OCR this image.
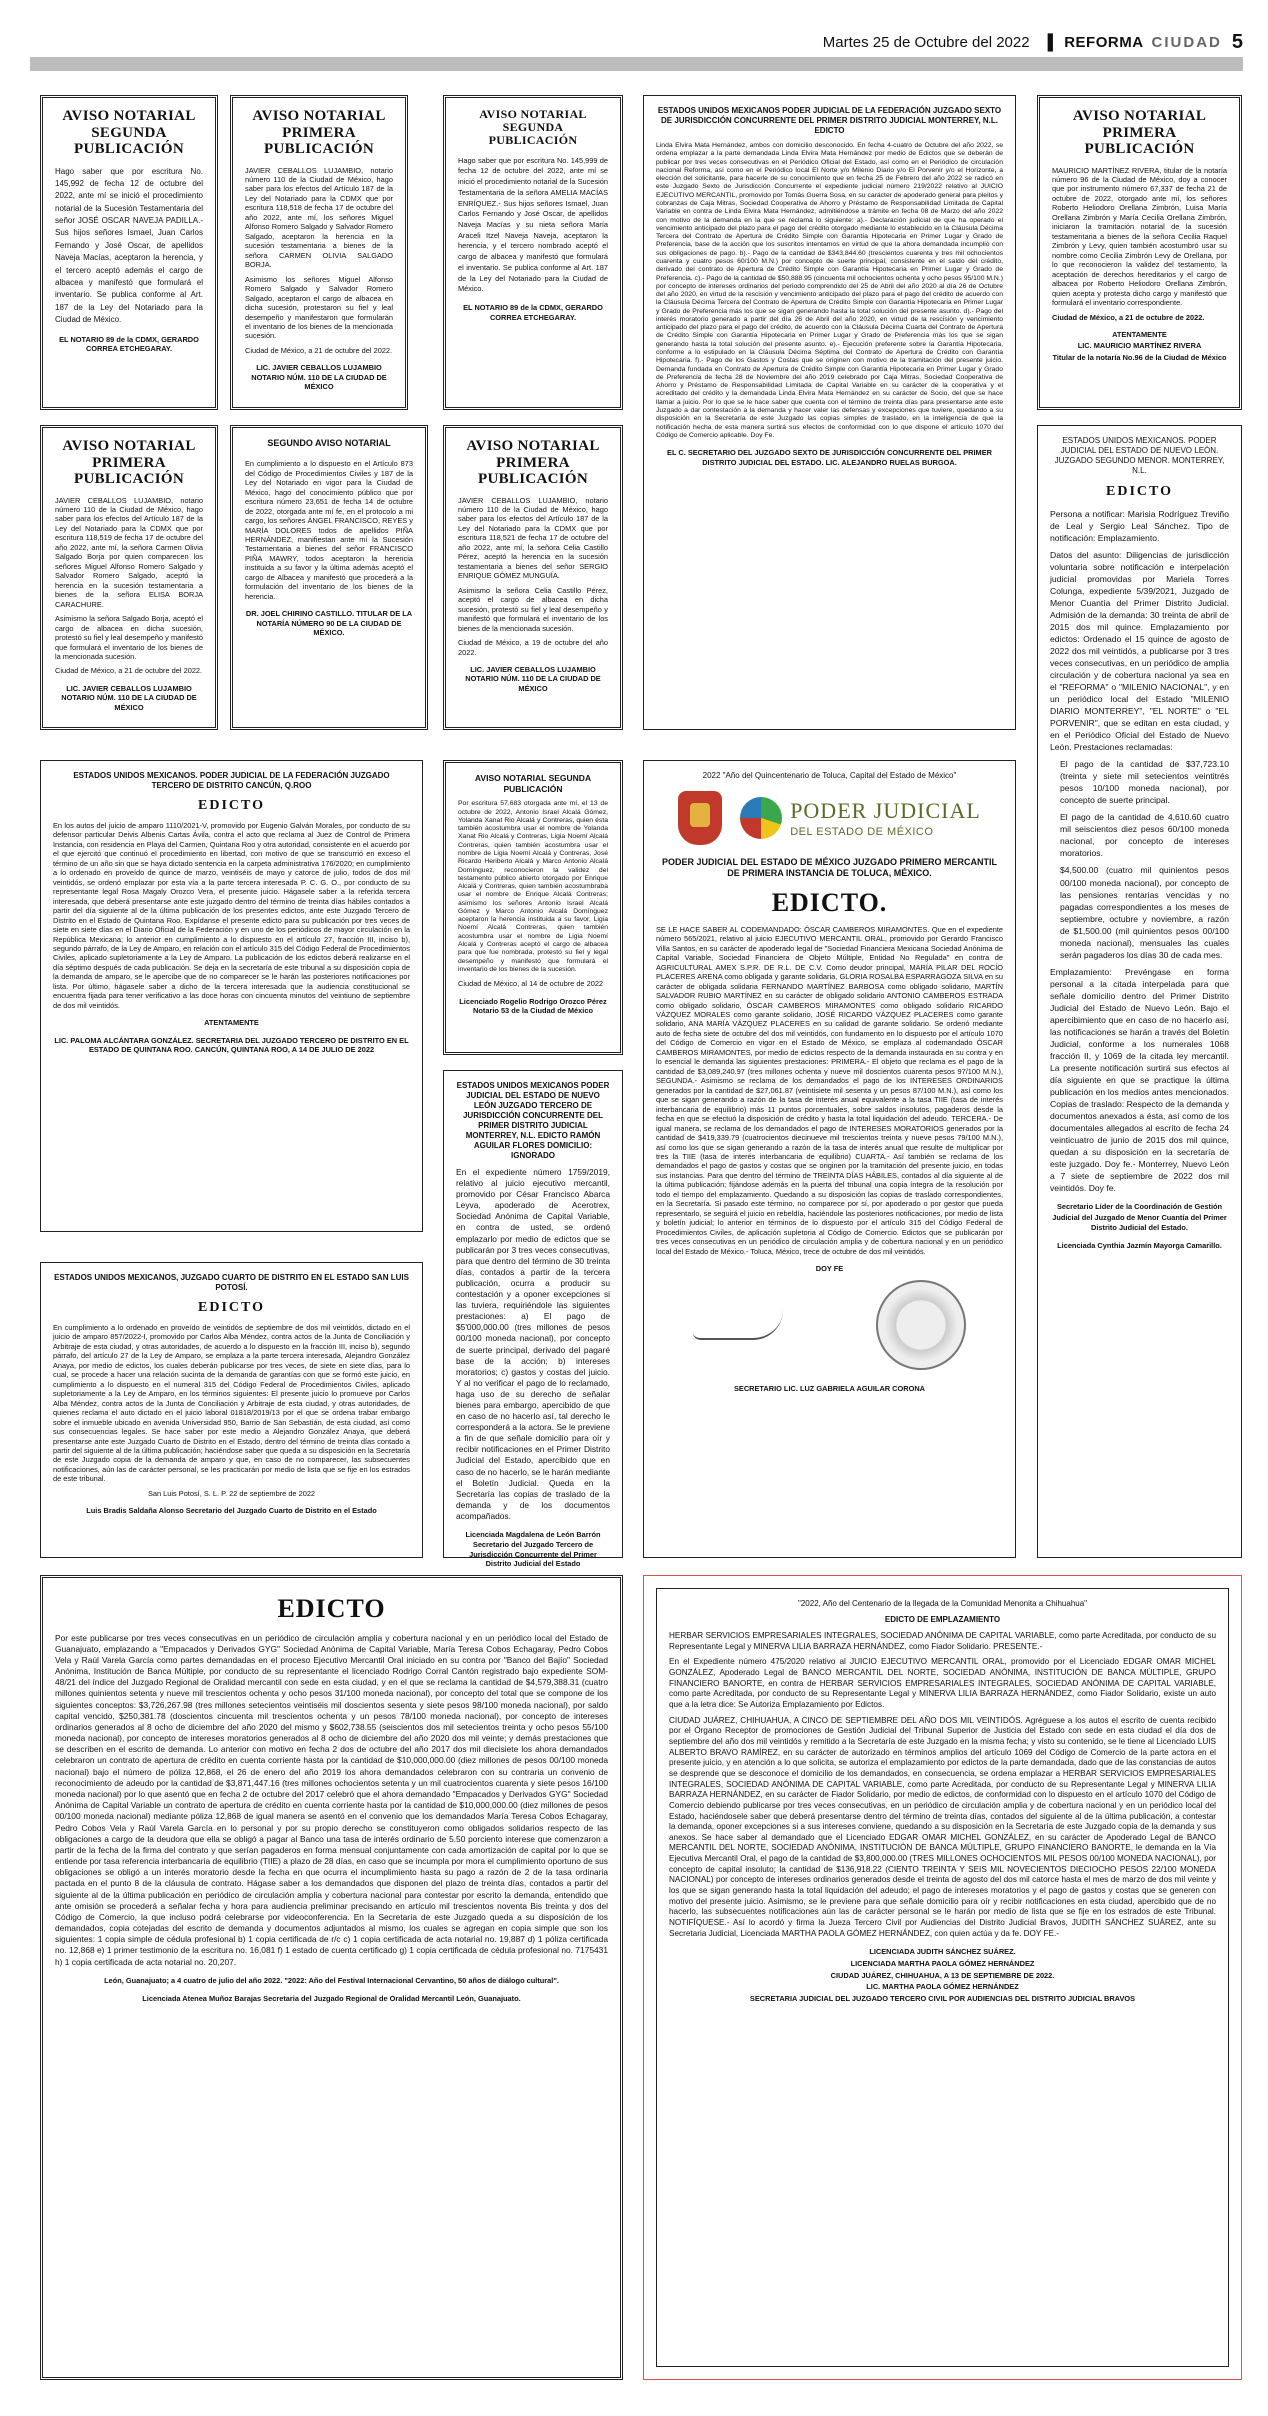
Martes 25 de Octubre del 2022 ▌ REFORMA CIUDAD 5
AVISO NOTARIAL SEGUNDA PUBLICACIÓN

Hago saber que por escritura No. 145,992 de fecha 12 de octubre del 2022, ante mí se inició el procedimiento notarial de la Sucesión Testamentaria del señor JOSÉ OSCAR NAVEJA PADILLA.- Sus hijos señores Ismael, Juan Carlos Fernando y José Oscar, de apellidos Naveja Macías, aceptaron la herencia, y el tercero aceptó además el cargo de albacea y manifestó que formulará el inventario. Se publica conforme al Art. 187 de la Ley del Notariado para la Ciudad de México.

EL NOTARIO 89 de la CDMX, GERARDO CORREA ETCHEGARAY.
AVISO NOTARIAL PRIMERA PUBLICACIÓN

JAVIER CEBALLOS LUJAMBIO, notario número 110 de la Ciudad de México, hago saber para los efectos del Artículo 187 de la Ley del Notariado para la CDMX que por escritura 118,518 de fecha 17 de octubre del año 2022, ante mí, los señores Miguel Alfonso Romero Salgado y Salvador Romero Salgado, aceptaron la herencia en la sucesión testamentaria a bienes de la señora CARMEN OLIVIA SALGADO BORJA.

Asimismo los señores Miguel Alfonso Romero Salgado y Salvador Romero Salgado, aceptaron el cargo de albacea en dicha sucesión, protestaron su fiel y leal desempeño y manifestaron que formularán el inventario de los bienes de la mencionada sucesión.

Ciudad de México, a 21 de octubre del 2022.

LIC. JAVIER CEBALLOS LUJAMBIO NOTARIO NÚM. 110 DE LA CIUDAD DE MÉXICO
AVISO NOTARIAL SEGUNDA PUBLICACIÓN

Hago saber que por escritura No. 145,999 de fecha 12 de octubre del 2022, ante mí se inició el procedimiento notarial de la Sucesión Testamentaria de la señora AMELIA MACÍAS ENRÍQUEZ.- Sus hijos señores Ismael, Juan Carlos Fernando y José Oscar, de apellidos Naveja Macías y su nieta señora María Araceli Itzel Naveja Naveja, aceptaron la herencia, y el tercero nombrado aceptó el cargo de albacea y manifestó que formulará el inventario. Se publica conforme al Art. 187 de la Ley del Notariado para la Ciudad de México.

EL NOTARIO 89 de la CDMX, GERARDO CORREA ETCHEGARAY.
ESTADOS UNIDOS MEXICANOS PODER JUDICIAL DE LA FEDERACIÓN JUZGADO SEXTO DE JURISDICCIÓN CONCURRENTE DEL PRIMER DISTRITO JUDICIAL MONTERREY, N.L. EDICTO

Linda Elvira Mata Hernández, ambos con domicilio desconocido. En fecha 4-cuatro de Octubre del año 2022, se ordena emplazar a la parte demandada Linda Elvira Mata Hernández por medio de Edictos que se deberán de publicar por tres veces consecutivas en el Periódico Oficial del Estado, así como en el Periódico de circulación nacional Reforma, así como en el Periódico local El Norte y/o Milenio Diario y/o El Porvenir y/o el Horizonte, a elección del solicitante, para hacerle de su conocimiento que en fecha 25 de Febrero del año 2022 se radicó en este Juzgado Sexto de Jurisdicción Concurrente el expediente judicial número 219/2022 relativo al JUICIO EJECUTIVO MERCANTIL, promovido por Tomás Guerra Sosa, en su carácter de apoderado general para pleitos y cobranzas de Caja Mitras, Sociedad Cooperativa de Ahorro y Préstamo de Responsabilidad Limitada de Capital Variable en contra de Linda Elvira Mata Hernández, admitiéndose a trámite en fecha 08 de Marzo del año 2022 con motivo de la demanda en la que se reclama lo siguiente: a).- Declaración judicial de que ha operado el vencimiento anticipado del plazo para el pago del crédito otorgado mediante lo establecido en la Cláusula Décima Tercera del Contrato de Apertura de Crédito Simple con Garantía Hipotecaria en Primer Lugar y Grado de Preferencia, base de la acción que los suscritos intentamos en virtud de que la ahora demandada incumplió con sus obligaciones de pago. b).- Pago de la cantidad de $343,844.60 (trescientos cuarenta y tres mil ochocientos cuarenta y cuatro pesos 60/100 M.N.) por concepto de suerte principal, consistente en el saldo del crédito, derivado del contrato de Apertura de Crédito Simple con Garantía Hipotecaria en Primer Lugar y Grado de Preferencia. c).- Pago de la cantidad de $50,888.95 (cincuenta mil ochocientos ochenta y ocho pesos 95/100 M.N.) por concepto de intereses ordinarios del periodo comprendido del 25 de Abril del año 2020 al día 26 de Octubre del año 2020, en virtud de la rescisión y vencimiento anticipado del plazo para el pago del crédito de acuerdo con la Cláusula Décima Tercera del Contrato de Apertura de Crédito Simple con Garantía Hipotecaria en Primer Lugar y Grado de Preferencia más los que se sigan generando hasta la total solución del presente asunto. d).- Pago del interés moratorio generado a partir del día 26 de Abril del año 2020, en virtud de la rescisión y vencimiento anticipado del plazo para el pago del crédito, de acuerdo con la Cláusula Décima Cuarta del Contrato de Apertura de Crédito Simple con Garantía Hipotecaria en Primer Lugar y Grado de Preferencia más los que se sigan generando hasta la total solución del presente asunto. e).- Ejecución preferente sobre la Garantía Hipotecaria, conforme a lo estipulado en la Cláusula Décima Séptima del Contrato de Apertura de Crédito con Garantía Hipotecaria. f).- Pago de los Gastos y Costas que se originen con motivo de la tramitación del presente juicio. Demanda fundada en Contrato de Apertura de Crédito Simple con Garantía Hipotecaria en Primer Lugar y Grado de Preferencia de fecha 28 de Noviembre del año 2019 celebrado por Caja Mitras, Sociedad Cooperativa de Ahorro y Préstamo de Responsabilidad Limitada de Capital Variable en su carácter de la cooperativa y el acreditado del crédito y la demandada Linda Elvira Mata Hernández en su carácter de Socio, del que se hace llamar a juicio. Por lo que se le hace saber que cuenta con el término de treinta días para presentarse ante este Juzgado a dar contestación a la demanda y hacer valer las defensas y excepciones que tuviere, quedando a su disposición en la Secretaría de este Juzgado las copias simples de traslado, en la inteligencia de que la notificación hecha de esta manera surtirá sus efectos de conformidad con lo que dispone el artículo 1070 del Código de Comercio aplicable. Doy Fe.

EL C. SECRETARIO DEL JUZGADO SEXTO DE JURISDICCIÓN CONCURRENTE DEL PRIMER DISTRITO JUDICIAL DEL ESTADO. LIC. ALEJANDRO RUELAS BURGOA.
AVISO NOTARIAL PRIMERA PUBLICACIÓN

MAURICIO MARTÍNEZ RIVERA, titular de la notaría número 96 de la Ciudad de México, doy a conocer que por instrumento número 67,337 de fecha 21 de octubre de 2022, otorgado ante mí, los señores Roberto Heliodoro Orellana Zimbrón, Luisa María Orellana Zimbrón y María Cecilia Orellana Zimbrón, iniciaron la tramitación notarial de la sucesión testamentaria a bienes de la señora Cecilia Raquel Zimbrón y Levy, quien también acostumbró usar su nombre como Cecilia Zimbrón Levy de Orellana, por lo que reconocieron la validez del testamento, la aceptación de derechos hereditarios y el cargo de albacea por Roberto Heliodoro Orellana Zimbrón, quien acepta y protesta dicho cargo y manifestó que formulará el inventario correspondiente.

Ciudad de México, a 21 de octubre de 2022.

ATENTAMENTE
LIC. MAURICIO MARTÍNEZ RIVERA
Titular de la notaría No.96 de la Ciudad de México
AVISO NOTARIAL PRIMERA PUBLICACIÓN

JAVIER CEBALLOS LUJAMBIO, notario número 110 de la Ciudad de México, hago saber para los efectos del Artículo 187 de la Ley del Notariado para la CDMX que por escritura 118,519 de fecha 17 de octubre del año 2022, ante mí, la señora Carmen Olivia Salgado Borja por quien comparecen los señores Miguel Alfonso Romero Salgado y Salvador Romero Salgado, aceptó la herencia en la sucesión testamentaria a bienes de la señora ELISA BORJA CARACHURE.

Asimismo la señora Salgado Borja, aceptó el cargo de albacea en dicha sucesión, protestó su fiel y leal desempeño y manifestó que formulará el inventario de los bienes de la mencionada sucesión.

Ciudad de México, a 21 de octubre del 2022.

LIC. JAVIER CEBALLOS LUJAMBIO NOTARIO NÚM. 110 DE LA CIUDAD DE MÉXICO
SEGUNDO AVISO NOTARIAL

En cumplimiento a lo dispuesto en el Artículo 873 del Código de Procedimientos Civiles y 187 de la Ley del Notariado en vigor para la Ciudad de México, hago del conocimiento público que por escritura número 23,651 de fecha 14 de octubre de 2022, otorgada ante mí fe, en el protocolo a mi cargo, los señores ÁNGEL FRANCISCO, REYES y MARÍA DOLORES todos de apellidos PIÑA HERNÁNDEZ, manifiestan ante mí la Sucesión Testamentaria a bienes del señor FRANCISCO PIÑA MAWRY, todos aceptaron la herencia instituida a su favor y la última además aceptó el cargo de Albacea y manifestó que procederá a la formulación del inventario de los bienes de la herencia.

DR. JOEL CHIRINO CASTILLO. TITULAR DE LA NOTARÍA NÚMERO 90 DE LA CIUDAD DE MÉXICO.
AVISO NOTARIAL PRIMERA PUBLICACIÓN

JAVIER CEBALLOS LUJAMBIO, notario número 110 de la Ciudad de México, hago saber para los efectos del Artículo 187 de la Ley del Notariado para la CDMX que por escritura 118,521 de fecha 17 de octubre del año 2022, ante mí, la señora Celia Castillo Pérez, aceptó la herencia en la sucesión testamentaria a bienes del señor SERGIO ENRIQUE GÓMEZ MUNGUÍA.

Asimismo la señora Celia Castillo Pérez, aceptó el cargo de albacea en dicha sucesión, protestó su fiel y leal desempeño y manifestó que formulará el inventario de los bienes de la mencionada sucesión.

Ciudad de México, a 19 de octubre del año 2022.

LIC. JAVIER CEBALLOS LUJAMBIO NOTARIO NÚM. 110 DE LA CIUDAD DE MÉXICO
ESTADOS UNIDOS MEXICANOS. PODER JUDICIAL DE LA FEDERACIÓN JUZGADO TERCERO DE DISTRITO CANCÚN, Q.ROO
EDICTO

En los autos del juicio de amparo 1110/2021-V, promovido por Eugenio Galván Morales, por conducto de su defensor particular Deivis Albenis Cartas Ávila, contra el acto que reclama al Juez de Control de Primera Instancia, con residencia en Playa del Carmen, Quintana Roo y otra autoridad, consistente en el acuerdo por el que ejercitó que continuó el procedimiento en libertad, con motivo de que se transcurrió en exceso el término de un año sin que se haya dictado sentencia en la carpeta administrativa 176/2020; en cumplimiento a lo ordenado en proveído de quince de marzo, veintiséis de mayo y catorce de julio, todos de dos mil veintidós, se ordenó emplazar por esta vía a la parte tercera interesada P. C. G. O., por conducto de su representante legal Rosa Magaly Orozco Vera, el presente juicio. Hágasele saber a la referida tercera interesada, que deberá presentarse ante este juzgado dentro del término de treinta días hábiles contados a partir del día siguiente al de la última publicación de los presentes edictos, ante este Juzgado Tercero de Distrito en el Estado de Quintana Roo. Expídanse el presente edicto para su publicación por tres veces de siete en siete días en el Diario Oficial de la Federación y en uno de los periódicos de mayor circulación en la República Mexicana; lo anterior en cumplimiento a lo dispuesto en el artículo 27, fracción III, inciso b), segundo párrafo, de la Ley de Amparo, en relación con el artículo 315 del Código Federal de Procedimientos Civiles, aplicado supletoriamente a la Ley de Amparo. La publicación de los edictos deberá realizarse en el día séptimo después de cada publicación. Se deja en la secretaría de este tribunal a su disposición copia de la demanda de amparo, se le apercibe que de no comparecer se le harán las posteriores notificaciones por lista. Por último, hágasele saber a dicho de la tercera interesada que la audiencia constitucional se encuentra fijada para tener verificativo a las doce horas con cincuenta minutos del veintiuno de septiembre de dos mil veintidós.

ATENTAMENTE
LIC. PALOMA ALCÁNTARA GONZÁLEZ. SECRETARIA DEL JUZGADO TERCERO DE DISTRITO EN EL ESTADO DE QUINTANA ROO. CANCÚN, QUINTANA ROO, A 14 DE JULIO DE 2022
AVISO NOTARIAL SEGUNDA PUBLICACIÓN

Por escritura 57,683 otorgada ante mí, el 13 de octubre de 2022, Antonio Israel Alcalá Gómez, Yolanda Xanat Rio Alcalá y Contreras, quien ésta también acostumbra usar el nombre de Yolanda Xanat Rio Alcalá y Contreras, Ligia Noemí Alcalá Contreras, quien también acostumbra usar el nombre de Ligia Noemí Alcalá y Contreras, José Ricardo Heriberto Alcalá y Marco Antonio Alcalá Domínguez, reconocieron la validez del testamento público abierto otorgado por Enrique Alcalá y Contreras, quien también acostumbraba usar el nombre de Enrique Alcalá Contreras; asimismo los señores Antonio Israel Alcalá Gómez y Marco Antonio Alcalá Domínguez aceptaron la herencia instituida a su favor, Ligia Noemí Alcalá Contreras, quien también acostumbra usar el nombre de Ligia Noemí Alcalá y Contreras aceptó el cargo de albacea para que fue nombrada, protestó su fiel y legal desempeño y manifestó que formulará el inventario de los bienes de la sucesión.

Ciudad de México, al 14 de octubre de 2022

Licenciado Rogelio Rodrigo Orozco Pérez Notario 53 de la Ciudad de México
2022 "Año del Quincentenario de Toluca, Capital del Estado de México"
PODER JUDICIAL
DEL ESTADO DE MÉXICO
PODER JUDICIAL DEL ESTADO DE MÉXICO JUZGADO PRIMERO MERCANTIL DE PRIMERA INSTANCIA DE TOLUCA, MÉXICO.
EDICTO.

SE LE HACE SABER AL CODEMANDADO: ÓSCAR CAMBEROS MIRAMONTES. Que en el expediente número 565/2021, relativo al juicio EJECUTIVO MERCANTIL ORAL, promovido por Gerardo Francisco Villa Santos, en su carácter de apoderado legal de "Sociedad Financiera Mexicana Sociedad Anónima de Capital Variable, Sociedad Financiera de Objeto Múltiple, Entidad No Regulada" en contra de AGRICULTURAL AMEX S.P.R. DE R.L. DE C.V. Como deudor principal, MARÍA PILAR DEL ROCÍO PLACERES ARENA como obligada y garante solidaria, GLORIA ROSALBA ESPARRAGOZA SILVA en su carácter de obligada solidaria FERNANDO MARTÍNEZ BARBOSA como obligado solidario, MARTÍN SALVADOR RUBIO MARTÍNEZ en su carácter de obligado solidario ANTONIO CAMBEROS ESTRADA como obligado solidario, ÓSCAR CAMBEROS MIRAMONTES como obligado solidario RICARDO VÁZQUEZ MORALES como garante solidario, JOSÉ RICARDO VÁZQUEZ PLACERES como garante solidario, ANA MARÍA VÁZQUEZ PLACERES en su calidad de garante solidario. Se ordenó mediante auto de fecha siete de octubre del dos mil veintidós, con fundamento en lo dispuesto por el artículo 1070 del Código de Comercio en vigor en el Estado de México, se emplaza al codemandado ÓSCAR CAMBEROS MIRAMONTES, por medio de edictos respecto de la demanda instaurada en su contra y en lo esencial le demanda las siguientes prestaciones: PRIMERA.- El objeto que reclama es el pago de la cantidad de $3,089,240.97 (tres millones ochenta y nueve mil doscientos cuarenta pesos 97/100 M.N.), SEGUNDA.- Asimismo se reclama de los demandados el pago de los INTERESES ORDINARIOS generados por la cantidad de $27,061.87 (veintisiete mil sesenta y un pesos 87/100 M.N.), así como los que se sigan generando a razón de la tasa de interés anual equivalente a la tasa TIIE (tasa de interés interbancaria de equilibrio) más 11 puntos porcentuales, sobre saldos insolutos, pagaderos desde la fecha en que se efectuó la disposición de crédito y hasta la total liquidación del adeudo. TERCERA.- De igual manera, se reclama de los demandados el pago de INTERESES MORATORIOS generados por la cantidad de $419,339.79 (cuatrocientos diecinueve mil trescientos treinta y nueve pesos 79/100 M.N.), así como los que se sigan generando a razón de la tasa de interés anual que resulte de multiplicar por tres la TIIE (tasa de interés interbancaria de equilibrio) CUARTA.- Así también se reclama de los demandados el pago de gastos y costas que se originen por la tramitación del presente juicio, en todas sus instancias. Para que dentro del término de TREINTA DÍAS HÁBILES, contados al día siguiente al de la última publicación; fíjándose además en la puerta del tribunal una copia íntegra de la resolución por todo el tiempo del emplazamiento. Quedando a su disposición las copias de traslado correspondientes, en la Secretaría. Si pasado este término, no comparece por sí, por apoderado o por gestor que pueda representarlo, se seguirá el juicio en rebeldía, haciéndole las posteriores notificaciones, por medio de lista y boletín judicial; lo anterior en términos de lo dispuesto por el artículo 315 del Código Federal de Procedimientos Civiles, de aplicación supletoria al Código de Comercio. Edictos que se publicarán por tres veces consecutivas en un periódico de circulación amplia y de cobertura nacional y en un periódico local del Estado de México.- Toluca, México, trece de octubre de dos mil veintidós.

DOY FE
SECRETARIO LIC. LUZ GABRIELA AGUILAR CORONA
ESTADOS UNIDOS MEXICANOS. PODER JUDICIAL DEL ESTADO DE NUEVO LEÓN. JUZGADO SEGUNDO MENOR. MONTERREY, N.L.
EDICTO

Persona a notificar: Marisia Rodríguez Treviño de Leal y Sergio Leal Sánchez. Tipo de notificación: Emplazamiento.

Datos del asunto: Diligencias de jurisdicción voluntaria sobre notificación e interpelación judicial promovidas por Mariela Torres Colunga, expediente 5/39/2021, Juzgado de Menor Cuantía del Primer Distrito Judicial. Admisión de la demanda: 30 treinta de abril de 2015 dos mil quince. Emplazamiento por edictos: Ordenado el 15 quince de agosto de 2022 dos mil veintidós, a publicarse por 3 tres veces consecutivas, en un periódico de amplia circulación y de cobertura nacional ya sea en el "REFORMA" o "MILENIO NACIONAL", y en un periódico local del Estado "MILENIO DIARIO MONTERREY", "EL NORTE" o "EL PORVENIR", que se editan en esta ciudad, y en el Periódico Oficial del Estado de Nuevo León. Prestaciones reclamadas:

El pago de la cantidad de $37,723.10 (treinta y siete mil setecientos veintitrés pesos 10/100 moneda nacional), por concepto de suerte principal.

El pago de la cantidad de 4,610.60 cuatro mil seiscientos diez pesos 60/100 moneda nacional, por concepto de intereses moratorios.

$4,500.00 (cuatro mil quinientos pesos 00/100 moneda nacional), por concepto de las pensiones rentarias vencidas y no pagadas correspondientes a los meses de septiembre, octubre y noviembre, a razón de $1,500.00 (mil quinientos pesos 00/100 moneda nacional), mensuales las cuales serán pagaderos los días 30 de cada mes.

Emplazamiento: Prevéngase en forma personal a la citada interpelada para que señale domicilio dentro del Primer Distrito Judicial del Estado de Nuevo León. Bajo el apercibimiento que en caso de no hacerlo así, las notificaciones se harán a través del Boletín Judicial, conforme a los numerales 1068 fracción II, y 1069 de la citada ley mercantil. La presente notificación surtirá sus efectos al día siguiente en que se practique la última publicación en los medios antes mencionados. Copias de traslado: Respecto de la demanda y documentos anexados a ésta, así como de los documentales allegados al escrito de fecha 24 veinticuatro de junio de 2015 dos mil quince, quedan a su disposición en la secretaría de este juzgado. Doy fe.- Monterrey, Nuevo León a 7 siete de septiembre de 2022 dos mil veintidós. Doy fe.

Secretario Líder de la Coordinación de Gestión Judicial del Juzgado de Menor Cuantía del Primer Distrito Judicial del Estado.
Licenciada Cynthia Jazmín Mayorga Camarillo.
ESTADOS UNIDOS MEXICANOS PODER JUDICIAL DEL ESTADO DE NUEVO LEÓN JUZGADO TERCERO DE JURISDICCIÓN CONCURRENTE DEL PRIMER DISTRITO JUDICIAL MONTERREY, N.L. EDICTO RAMÓN AGUILAR FLORES DOMICILIO: IGNORADO

En el expediente número 1759/2019, relativo al juicio ejecutivo mercantil, promovido por César Francisco Abarca Leyva, apoderado de Acerotrex, Sociedad Anónima de Capital Variable, en contra de usted, se ordenó emplazarlo por medio de edictos que se publicarán por 3 tres veces consecutivas, para que dentro del término de 30 treinta días, contados a partir de la tercera publicación, ocurra a producir su contestación y a oponer excepciones si las tuviera, requiriéndole las siguientes prestaciones: a) El pago de $5'000,000.00 (tres millones de pesos 00/100 moneda nacional), por concepto de suerte principal, derivado del pagaré base de la acción; b) intereses moratorios; c) gastos y costas del juicio. Y al no verificar el pago de lo reclamado, haga uso de su derecho de señalar bienes para embargo, apercibido de que en caso de no hacerlo así, tal derecho le corresponderá a la actora. Se le previene a fin de que señale domicilio para oír y recibir notificaciones en el Primer Distrito Judicial del Estado, apercibido que en caso de no hacerlo, se le harán mediante el Boletín Judicial. Queda en la Secretaría las copias de traslado de la demanda y de los documentos acompañados.

Licenciada Magdalena de León Barrón Secretario del Juzgado Tercero de Jurisdicción Concurrente del Primer Distrito Judicial del Estado
ESTADOS UNIDOS MEXICANOS, JUZGADO CUARTO DE DISTRITO EN EL ESTADO SAN LUIS POTOSÍ.
EDICTO

En cumplimiento a lo ordenado en proveído de veintidós de septiembre de dos mil veintidós, dictado en el juicio de amparo 857/2022-I, promovido por Carlos Alba Méndez, contra actos de la Junta de Conciliación y Arbitraje de esta ciudad, y otras autoridades, de acuerdo a lo dispuesto en la fracción III, inciso b), segundo párrafo, del artículo 27 de la Ley de Amparo, se emplaza a la parte tercera interesada, Alejandro González Anaya, por medio de edictos, los cuales deberán publicarse por tres veces, de siete en siete días, para lo cual, se procede a hacer una relación sucinta de la demanda de garantías con que se formó este juicio, en cumplimiento a lo dispuesto en el numeral 315 del Código Federal de Procedimientos Civiles, aplicado supletoriamente a la Ley de Amparo, en los términos siguientes: El presente juicio lo promueve por Carlos Alba Méndez, contra actos de la Junta de Conciliación y Arbitraje de esta ciudad, y otras autoridades, de quienes reclama el auto dictado en el juicio laboral 01818/2019/13 por el que se ordena trabar embargo sobre el inmueble ubicado en avenida Universidad 950, Barrio de San Sebastián, de esta ciudad, así como sus consecuencias legales. Se hace saber por este medio a Alejandro González Anaya, que deberá presentarse ante este Juzgado Cuarto de Distrito en el Estado, dentro del término de treinta días contado a partir del siguiente al de la última publicación; haciéndose saber que queda a su disposición en la Secretaría de este Juzgado copia de la demanda de amparo y que, en caso de no comparecer, las subsecuentes notificaciones, aún las de carácter personal, se les practicarán por medio de lista que se fije en los estrados de este tribunal.

San Luis Potosí, S. L. P. 22 de septiembre de 2022

Luis Bradis Saldaña Alonso Secretario del Juzgado Cuarto de Distrito en el Estado
EDICTO

Por este publicarse por tres veces consecutivas en un periódico de circulación amplia y cobertura nacional y en un periódico local del Estado de Guanajuato, emplazando a "Empacados y Derivados GYG" Sociedad Anónima de Capital Variable, María Teresa Cobos Echagaray, Pedro Cobos Vela y Raúl Varela García como partes demandadas en el proceso Ejecutivo Mercantil Oral iniciado en su contra por "Banco del Bajío" Sociedad Anónima, Institución de Banca Múltiple, por conducto de su representante el licenciado Rodrigo Corral Cantón registrado bajo expediente SOM-48/21 del índice del Juzgado Regional de Oralidad mercantil con sede en esta ciudad, y en el que se reclama la cantidad de $4,579,388.31 (cuatro millones quinientos setenta y nueve mil trescientos ochenta y ocho pesos 31/100 moneda nacional), por concepto del total que se compone de los siguientes conceptos: $3,726,267.98 (tres millones setecientos veintiséis mil doscientos sesenta y siete pesos 98/100 moneda nacional), por saldo capital vencido, $250,381.78 (doscientos cincuenta mil trescientos ochenta y un pesos 78/100 moneda nacional), por concepto de intereses ordinarios generados al 8 ocho de diciembre del año 2020 del mismo y $602,738.55 (seiscientos dos mil setecientos treinta y ocho pesos 55/100 moneda nacional), por concepto de intereses moratorios generados al 8 ocho de diciembre del año 2020 dos mil veinte; y demás prestaciones que se describen en el escrito de demanda. Lo anterior con motivo en fecha 2 dos de octubre del año 2017 dos mil diecisiete los ahora demandados celebraron un contrato de apertura de crédito en cuenta corriente hasta por la cantidad de $10,000,000.00 (diez millones de pesos 00/100 moneda nacional) bajo el número de póliza 12,868, el 26 de enero del año 2019 los ahora demandados celebraron con su contraria un convenio de reconocimiento de adeudo por la cantidad de $3,871,447.16 (tres millones ochocientos setenta y un mil cuatrocientos cuarenta y siete pesos 16/100 moneda nacional) por lo que asentó que en fecha 2 de octubre del 2017 celebró que el ahora demandado "Empacados y Derivados GYG" Sociedad Anónima de Capital Variable un contrato de apertura de crédito en cuenta corriente hasta por la cantidad de $10,000,000.00 (diez millones de pesos 00/100 moneda nacional) mediante póliza 12,868 de igual manera se asentó en el convenio que los demandados María Teresa Cobos Echagaray, Pedro Cobos Vela y Raúl Varela García en lo personal y por su propio derecho se constituyeron como obligados solidarios respecto de las obligaciones a cargo de la deudora que ella se obligó a pagar al Banco una tasa de interés ordinario de 5.50 porciento interese que comenzaron a partir de la fecha de la firma del contrato y que serían pagaderos en forma mensual conjuntamente con cada amortización de capital por lo que se entiende por tasa referencia interbancaria de equilibrio (TIIE) a plazo de 28 días, en caso que se incumpla por mora el cumplimiento oportuno de sus obligaciones se obligó a un interés moratorio desde la fecha en que ocurra el incumplimiento hasta su pago a razón de 2 de la tasa ordinaria pactada en el punto 8 de la cláusula de contrato. Hágase saber a los demandados que disponen del plazo de treinta días, contados a partir del siguiente al de la última publicación en periódico de circulación amplia y cobertura nacional para contestar por escrito la demanda, entendido que ante omisión se procederá a señalar fecha y hora para audiencia preliminar precisando en artículo mil trescientos noventa Bis treinta y dos del Código de Comercio, la que incluso podrá celebrarse por videoconferencia. En la Secretaría de este Juzgado queda a su disposición de los demandados, copia cotejadas del escrito de demanda y documentos adjuntados al mismo, los cuales se agregan en copia simple que son los siguientes: 1 copia simple de cédula profesional b) 1 copia certificada de r/c c) 1 copia certificada de acta notarial no. 19,887 d) 1 póliza certificada no. 12,868 e) 1 primer testimonio de la escritura no. 16,081 f) 1 estado de cuenta certificado g) 1 copia certificada de cédula profesional no. 7175431 h) 1 copia certificada de acta notarial no. 20,207.

León, Guanajuato; a 4 cuatro de julio del año 2022. "2022: Año del Festival Internacional Cervantino, 50 años de diálogo cultural".
Licenciada Atenea Muñoz Barajas Secretaria del Juzgado Regional de Oralidad Mercantil León, Guanajuato.
"2022, Año del Centenario de la llegada de la Comunidad Menonita a Chihuahua"
EDICTO DE EMPLAZAMIENTO

HERBAR SERVICIOS EMPRESARIALES INTEGRALES, SOCIEDAD ANÓNIMA DE CAPITAL VARIABLE, como parte Acreditada, por conducto de su Representante Legal y MINERVA LILIA BARRAZA HERNÁNDEZ, como Fiador Solidario. PRESENTE.-

En el Expediente número 475/2020 relativo al JUICIO EJECUTIVO MERCANTIL ORAL, promovido por el Licenciado EDGAR OMAR MICHEL GONZÁLEZ, Apoderado Legal de BANCO MERCANTIL DEL NORTE, SOCIEDAD ANÓNIMA, INSTITUCIÓN DE BANCA MÚLTIPLE, GRUPO FINANCIERO BANORTE, en contra de HERBAR SERVICIOS EMPRESARIALES INTEGRALES, SOCIEDAD ANÓNIMA DE CAPITAL VARIABLE, como parte Acreditada, por conducto de su Representante Legal y MINERVA LILIA BARRAZA HERNÁNDEZ, como Fiador Solidario, existe un auto que a la letra dice: Se Autoriza Emplazamiento por Edictos.

CIUDAD JUÁREZ, CHIHUAHUA, A CINCO DE SEPTIEMBRE DEL AÑO DOS MIL VEINTIDÓS. Agréguese a los autos el escrito de cuenta recibido por el Órgano Receptor de promociones de Gestión Judicial del Tribunal Superior de Justicia del Estado con sede en esta ciudad el día dos de septiembre del año dos mil veintidós y remitido a la Secretaría de este Juzgado en la misma fecha; y visto su contenido, se le tiene al Licenciado LUIS ALBERTO BRAVO RAMÍREZ, en su carácter de autorizado en términos amplios del artículo 1069 del Código de Comercio de la parte actora en el presente juicio, y en atención a lo que solicita, se autoriza el emplazamiento por edictos de la parte demandada, dado que de las constancias de autos se desprende que se desconoce el domicilio de los demandados, en consecuencia, se ordena emplazar a HERBAR SERVICIOS EMPRESARIALES INTEGRALES, SOCIEDAD ANÓNIMA DE CAPITAL VARIABLE, como parte Acreditada, por conducto de su Representante Legal y MINERVA LILIA BARRAZA HERNÁNDEZ, en su carácter de Fiador Solidario, por medio de edictos, de conformidad con lo dispuesto en el artículo 1070 del Código de Comercio debiendo publicarse por tres veces consecutivas, en un periódico de circulación amplia y de cobertura nacional y en un periódico local del Estado, haciéndosele saber que deberá presentarse dentro del término de treinta días, contados del siguiente al de la última publicación, a contestar la demanda, oponer excepciones si a sus intereses conviene, quedando a su disposición en la Secretaría de este Juzgado copia de la demanda y sus anexos. Se hace saber al demandado que el Licenciado EDGAR OMAR MICHEL GONZÁLEZ, en su carácter de Apoderado Legal de BANCO MERCANTIL DEL NORTE, SOCIEDAD ANÓNIMA, INSTITUCIÓN DE BANCA MÚLTIPLE, GRUPO FINANCIERO BANORTE, le demanda en la Vía Ejecutiva Mercantil Oral, el pago de la cantidad de $3,800,000.00 (TRES MILLONES OCHOCIENTOS MIL PESOS 00/100 MONEDA NACIONAL), por concepto de capital insoluto; la cantidad de $136,918.22 (CIENTO TREINTA Y SEIS MIL NOVECIENTOS DIECIOCHO PESOS 22/100 MONEDA NACIONAL) por concepto de intereses ordinarios generados desde el treinta de agosto del dos mil catorce hasta el mes de marzo de dos mil veinte y los que se sigan generando hasta la total liquidación del adeudo; el pago de intereses moratorios y el pago de gastos y costas que se generen con motivo del presente juicio. Asimismo, se le previene para que señale domicilio para oír y recibir notificaciones en esta ciudad, apercibido que de no hacerlo, las subsecuentes notificaciones aún las de carácter personal se le harán por medio de lista que se fije en los estrados de este Tribunal. NOTIFÍQUESE.- Así lo acordó y firma la Jueza Tercero Civil por Audiencias del Distrito Judicial Bravos, JUDITH SÁNCHEZ SUÁREZ, ante su Secretaria Judicial, Licenciada MARTHA PAOLA GÓMEZ HERNÁNDEZ, con quien actúa y da fe. DOY FE.-

LICENCIADA JUDITH SÁNCHEZ SUÁREZ.
LICENCIADA MARTHA PAOLA GÓMEZ HERNÁNDEZ
CIUDAD JUÁREZ, CHIHUAHUA, A 13 DE SEPTIEMBRE DE 2022.
LIC. MARTHA PAOLA GÓMEZ HERNÁNDEZ
SECRETARIA JUDICIAL DEL JUZGADO TERCERO CIVIL POR AUDIENCIAS DEL DISTRITO JUDICIAL BRAVOS
